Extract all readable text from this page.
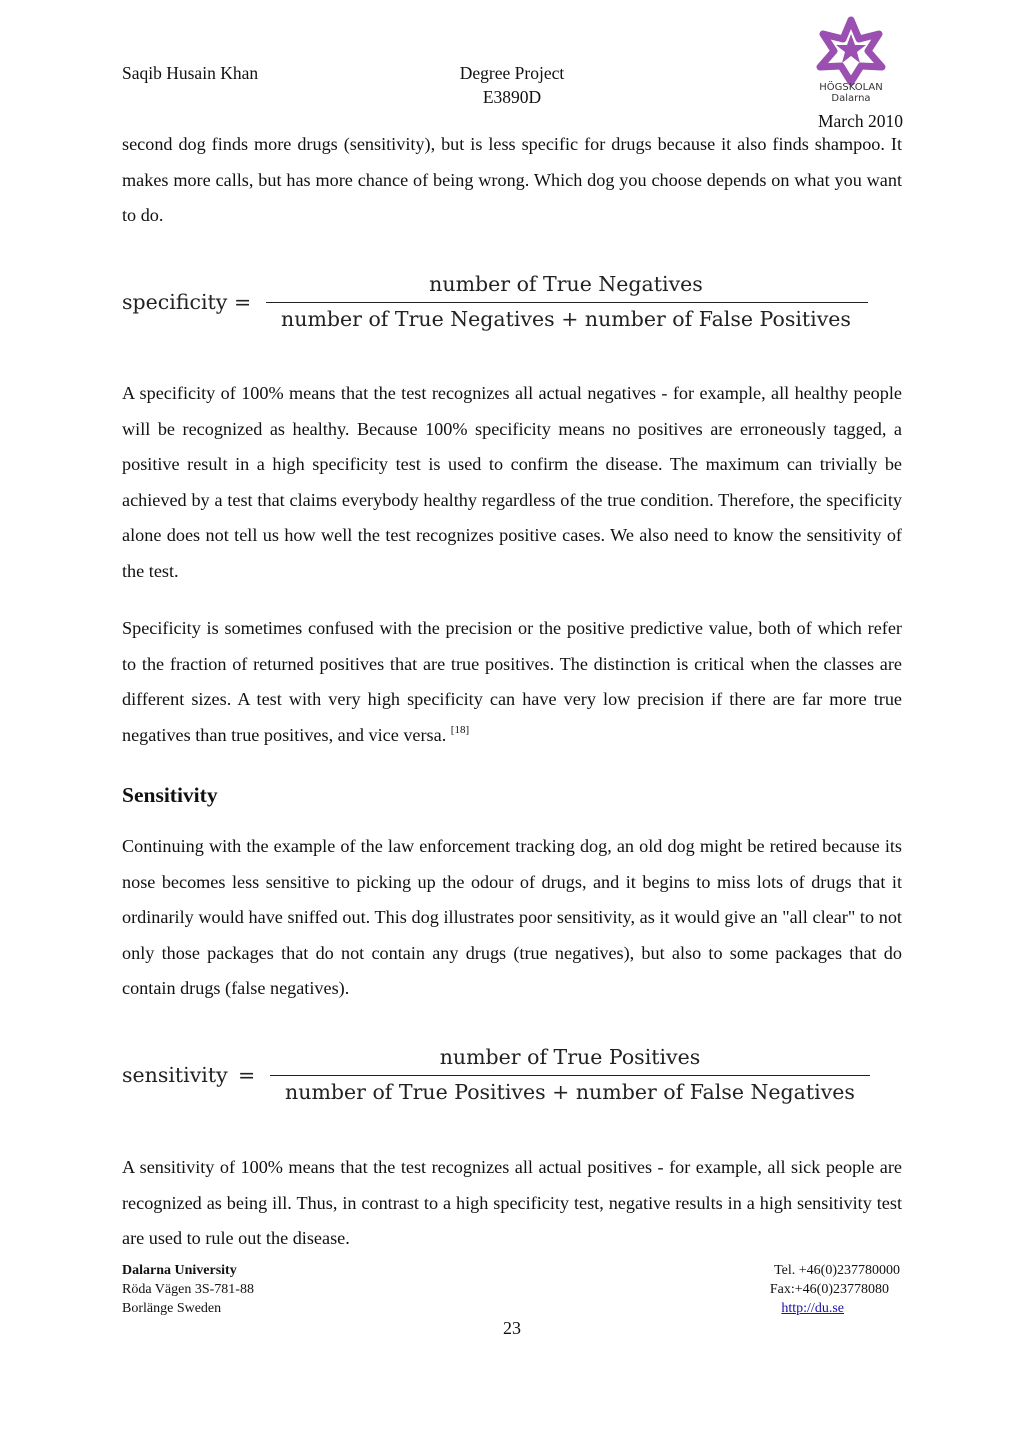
Saqib Husain Khan	Degree Project
E3890D
March 2010
HÖGSKOLAN
Dalarna

second dog finds more drugs (sensitivity), but is less specific for drugs because it also finds shampoo. It makes more calls, but has more chance of being wrong. Which dog you choose depends on what you want to do.

specificity =
number of True Negatives
number of True Negatives + number of False Positives

A specificity of 100% means that the test recognizes all actual negatives - for example, all healthy people will be recognized as healthy. Because 100% specificity means no positives are erroneously tagged, a positive result in a high specificity test is used to confirm the disease. The maximum can trivially be achieved by a test that claims everybody healthy regardless of the true condition. Therefore, the specificity alone does not tell us how well the test recognizes positive cases. We also need to know the sensitivity of the test.

Specificity is sometimes confused with the precision or the positive predictive value, both of which refer to the fraction of returned positives that are true positives. The distinction is critical when the classes are different sizes. A test with very high specificity can have very low precision if there are far more true negatives than true positives, and vice versa. [18]

Sensitivity

Continuing with the example of the law enforcement tracking dog, an old dog might be retired because its nose becomes less sensitive to picking up the odour of drugs, and it begins to miss lots of drugs that it ordinarily would have sniffed out. This dog illustrates poor sensitivity, as it would give an "all clear" to not only those packages that do not contain any drugs (true negatives), but also to some packages that do contain drugs (false negatives).

sensitivity =
number of True Positives
number of True Positives + number of False Negatives

A sensitivity of 100% means that the test recognizes all actual positives - for example, all sick people are recognized as being ill. Thus, in contrast to a high specificity test, negative results in a high sensitivity test are used to rule out the disease.

Dalarna University
Röda Vägen 3S-781-88
Borlänge Sweden
Tel. +46(0)237780000
Fax:+46(0)23778080
http://du.se
23
